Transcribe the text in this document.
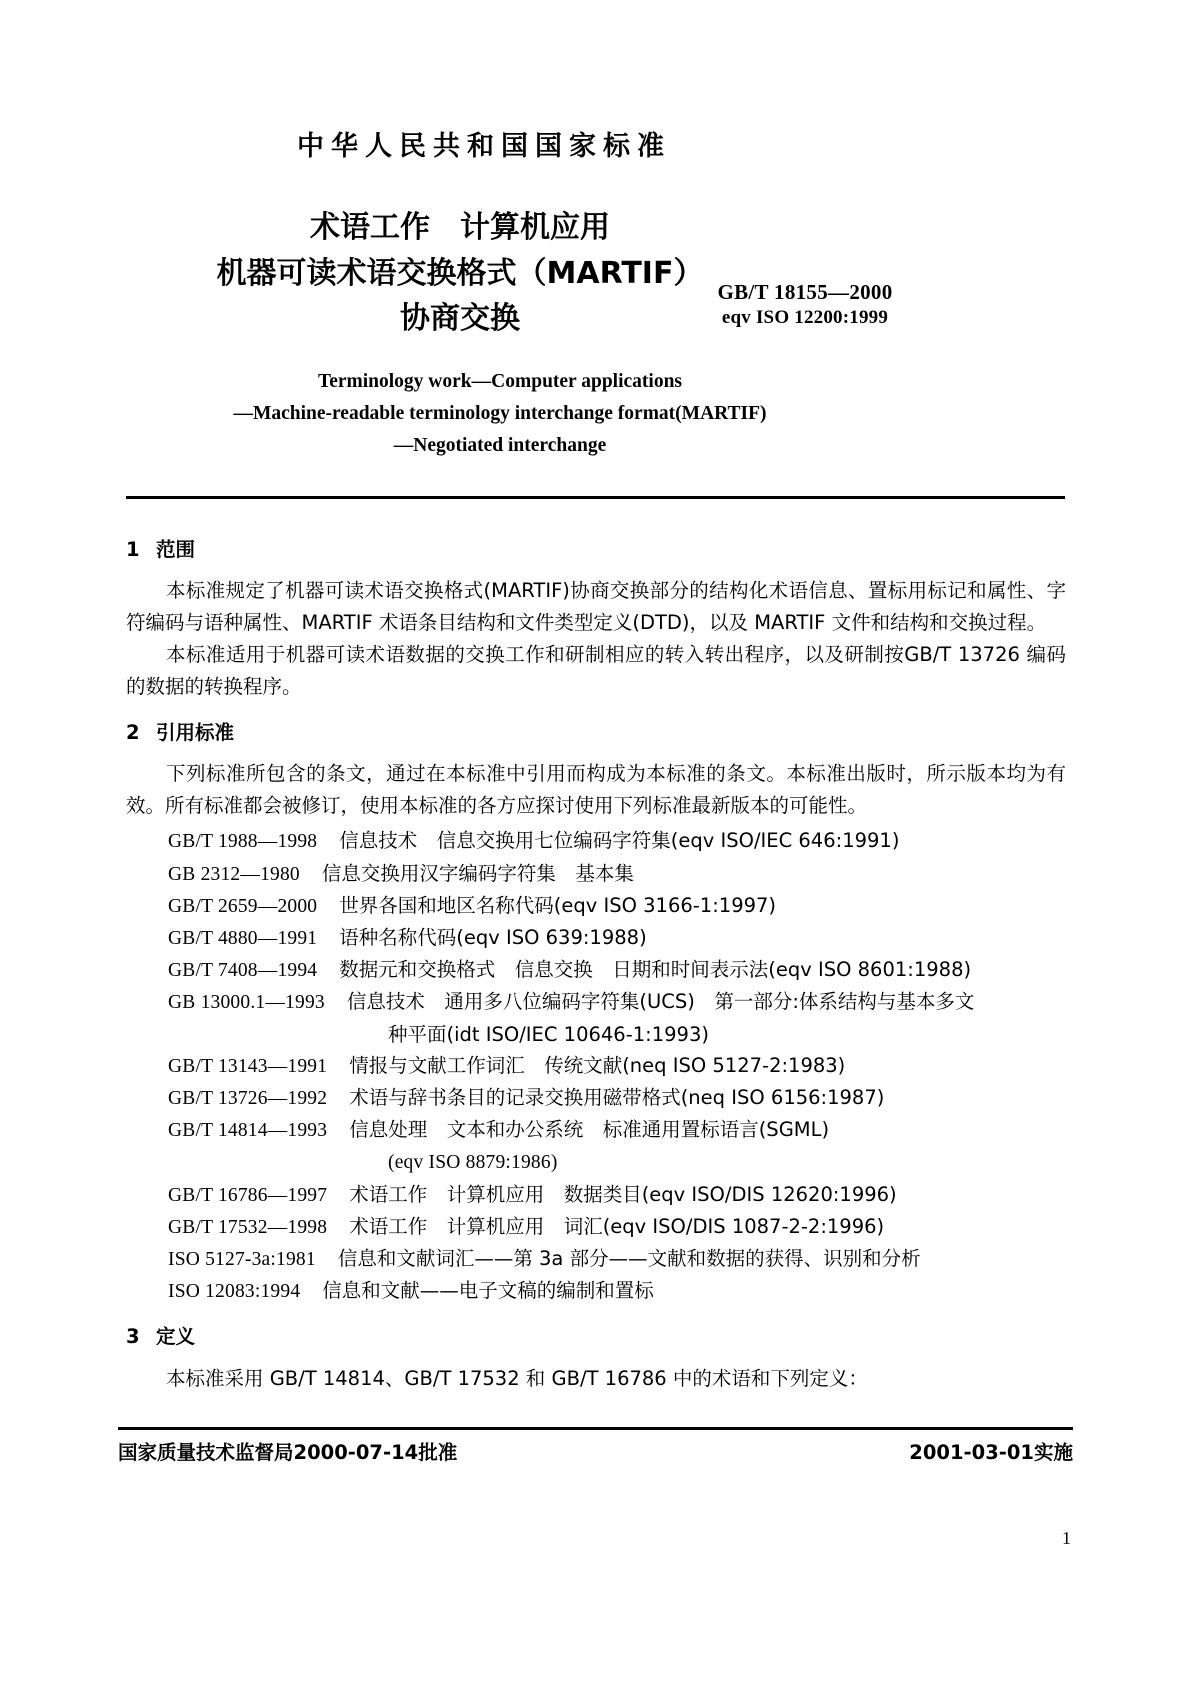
中华人民共和国国家标准
术语工作　计算机应用
机器可读术语交换格式（MARTIF）
协商交换
GB/T 18155—2000
eqv ISO 12200:1999
Terminology work—Computer applications
—Machine-readable terminology interchange format(MARTIF)
—Negotiated interchange
1 范围

本标准规定了机器可读术语交换格式(MARTIF)协商交换部分的结构化术语信息、置标用标记和属性、字符编码与语种属性、MARTIF 术语条目结构和文件类型定义(DTD)，以及 MARTIF 文件和结构和交换过程。

本标准适用于机器可读术语数据的交换工作和研制相应的转入转出程序，以及研制按GB/T 13726 编码的数据的转换程序。

2 引用标准

下列标准所包含的条文，通过在本标准中引用而构成为本标准的条文。本标准出版时，所示版本均为有效。所有标准都会被修订，使用本标准的各方应探讨使用下列标准最新版本的可能性。

GB/T 1988—1998 信息技术　信息交换用七位编码字符集(eqv ISO/IEC 646:1991)
GB 2312—1980 信息交换用汉字编码字符集　基本集
GB/T 2659—2000 世界各国和地区名称代码(eqv ISO 3166-1:1997)
GB/T 4880—1991 语种名称代码(eqv ISO 639:1988)
GB/T 7408—1994 数据元和交换格式　信息交换　日期和时间表示法(eqv ISO 8601:1988)
GB 13000.1—1993 信息技术　通用多八位编码字符集(UCS)　第一部分:体系结构与基本多文
种平面(idt ISO/IEC 10646-1:1993)
GB/T 13143—1991 情报与文献工作词汇　传统文献(neq ISO 5127-2:1983)
GB/T 13726—1992 术语与辞书条目的记录交换用磁带格式(neq ISO 6156:1987)
GB/T 14814—1993 信息处理　文本和办公系统　标准通用置标语言(SGML)
(eqv ISO 8879:1986)
GB/T 16786—1997 术语工作　计算机应用　数据类目(eqv ISO/DIS 12620:1996)
GB/T 17532—1998 术语工作　计算机应用　词汇(eqv ISO/DIS 1087-2-2:1996)
ISO 5127-3a:1981 信息和文献词汇——第 3a 部分——文献和数据的获得、识别和分析
ISO 12083:1994 信息和文献——电子文稿的编制和置标
3 定义

本标准采用 GB/T 14814、GB/T 17532 和 GB/T 16786 中的术语和下列定义：

国家质量技术监督局2000-07-14批准	2001-03-01实施
1
